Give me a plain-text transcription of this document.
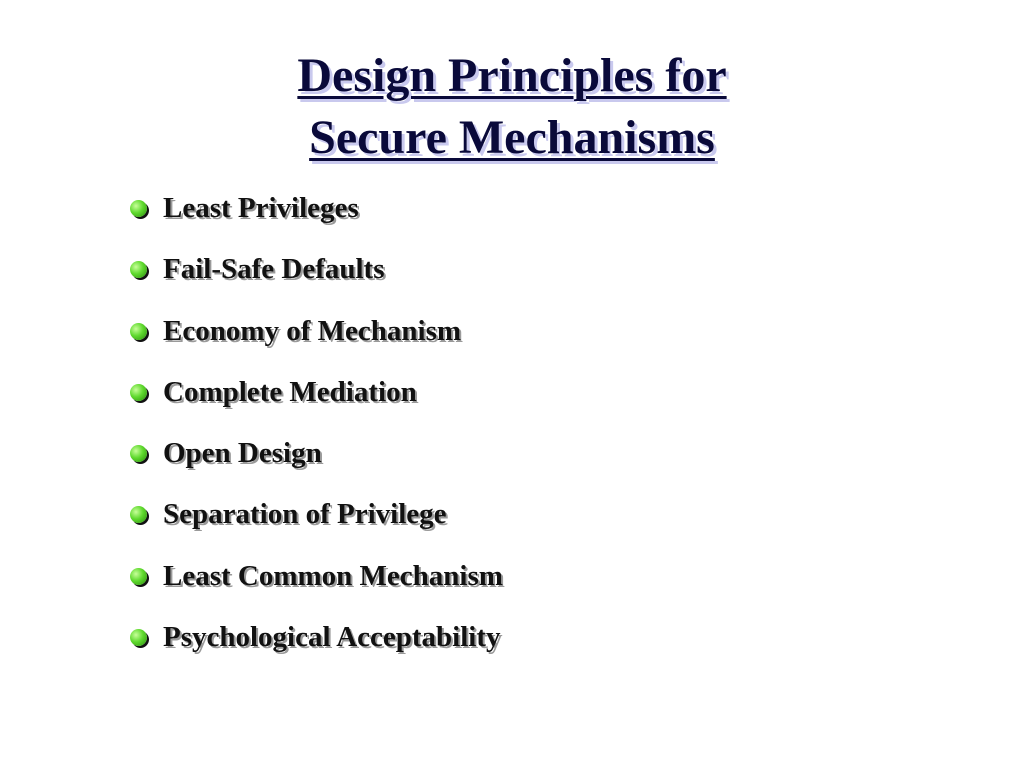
Design Principles for
Secure Mechanisms
Least Privileges
Fail-Safe Defaults
Economy of Mechanism
Complete Mediation
Open Design
Separation of Privilege
Least Common Mechanism
Psychological Acceptability
